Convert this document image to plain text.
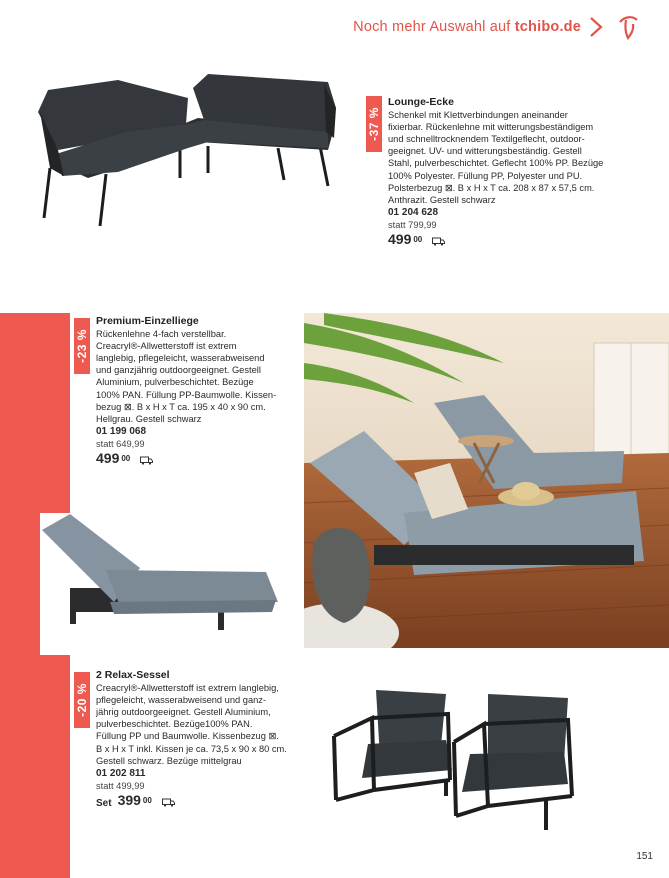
Noch mehr Auswahl auf tchibo.de
-37 %
Lounge-Ecke
Schenkel mit Klettverbindungen aneinander
fixierbar. Rückenlehne mit witterungsbeständigem
und schnelltrocknendem Textilgeflecht, outdoor-
geeignet. UV- und witterungsbeständig. Gestell
Stahl, pulverbeschichtet. Geflecht 100% PP. Bezüge
100% Polyester. Füllung PP, Polyester und PU.
Polsterbezug ⊠. B x H x T ca. 208 x 87 x 57,5 cm.
Anthrazit. Gestell schwarz
01 204 628
statt 799,99
499 00
-23 %
Premium-Einzelliege
Rückenlehne 4-fach verstellbar.
Creacryl®-Allwetterstoff ist extrem
langlebig, pflegeleicht, wasserabweisend
und ganzjährig outdoorgeeignet. Gestell
Aluminium, pulverbeschichtet. Bezüge
100% PAN. Füllung PP-Baumwolle. Kissen-
bezug ⊠. B x H x T ca. 195 x 40 x 90 cm.
Hellgrau. Gestell schwarz
01 199 068
statt 649,99
499 00
-20 %
2 Relax-Sessel
Creacryl®-Allwetterstoff ist extrem langlebig,
pflegeleicht, wasserabweisend und ganz-
jährig outdoorgeeignet. Gestell Aluminium,
pulverbeschichtet. Bezüge100% PAN.
Füllung PP und Baumwolle. Kissenbezug ⊠.
B x H x T inkl. Kissen je ca. 73,5 x 90 x 80 cm.
Gestell schwarz. Bezüge mittelgrau
01 202 811
statt 499,99
Set 399 00
151
